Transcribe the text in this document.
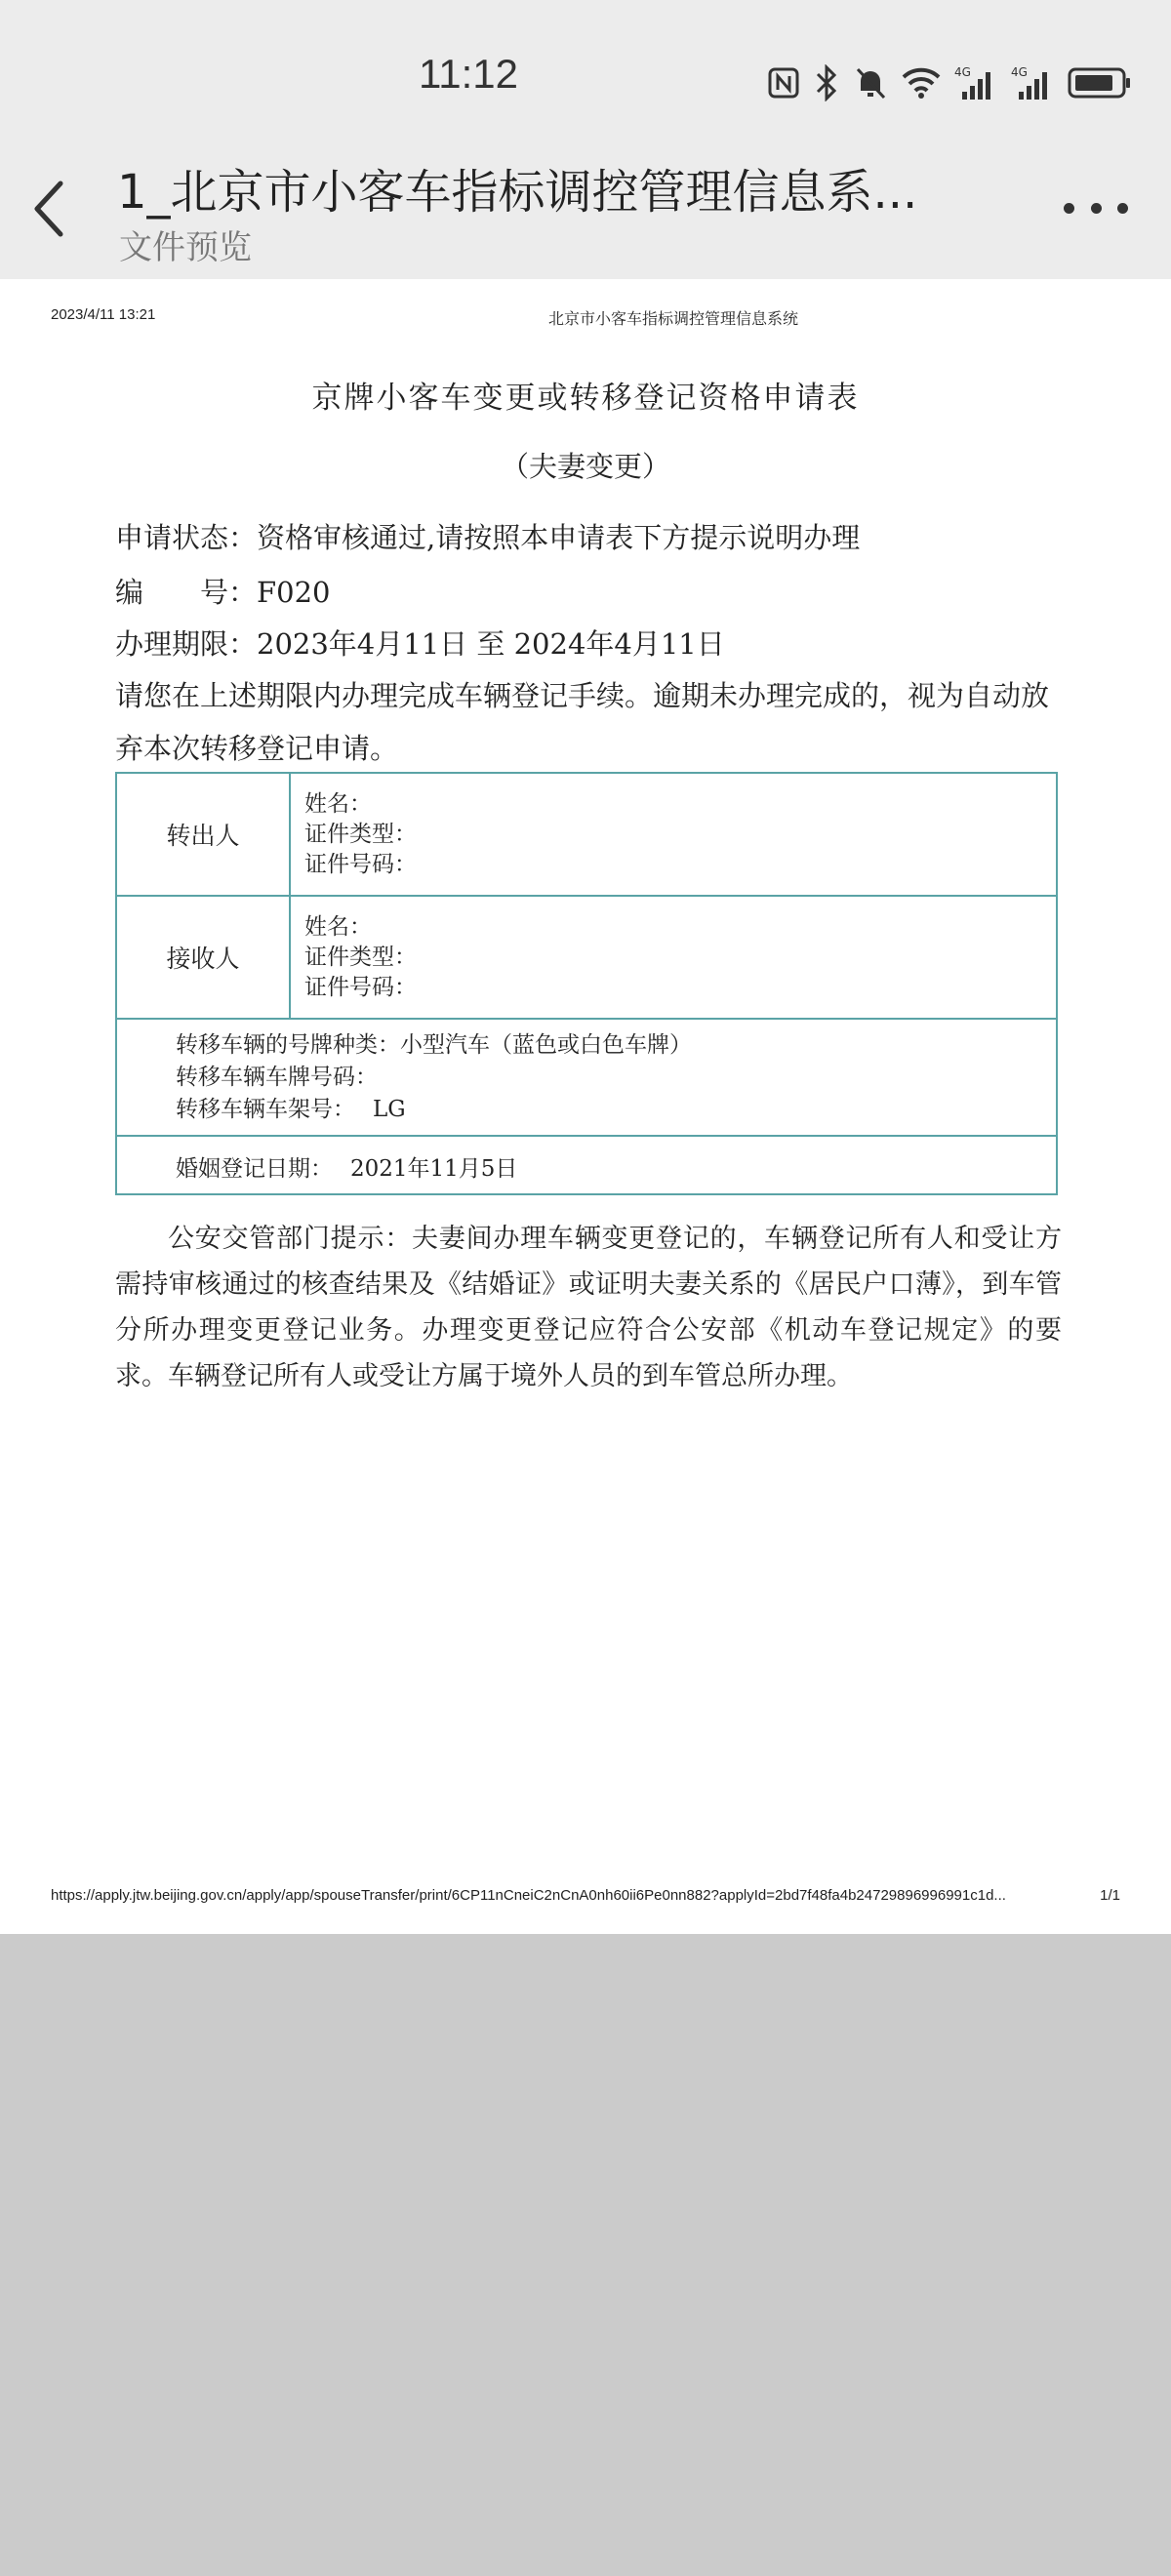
11:12	4G	4G
1_北京市小客车指标调控管理信息系...
文件预览
2023/4/11 13:21	北京市小客车指标调控管理信息系统
京牌小客车变更或转移登记资格申请表
（夫妻变更）
申请状态：资格审核通过,请按照本申请表下方提示说明办理
编　　号：F020
办理期限：2023年4月11日 至 2024年4月11日
请您在上述期限内办理完成车辆登记手续。逾期未办理完成的，视为自动放弃本次转移登记申请。
转出人
姓名：
证件类型：
证件号码：
接收人
姓名：
证件类型：
证件号码：
转移车辆的号牌种类：小型汽车（蓝色或白色车牌）
转移车辆车牌号码：
转移车辆车架号： LG
婚姻登记日期： 2021年11月5日
公安交管部门提示：夫妻间办理车辆变更登记的，车辆登记所有人和受让方需持审核通过的核查结果及《结婚证》或证明夫妻关系的《居民户口薄》，到车管分所办理变更登记业务。办理变更登记应符合公安部《机动车登记规定》的要求。车辆登记所有人或受让方属于境外人员的到车管总所办理。
https://apply.jtw.beijing.gov.cn/apply/app/spouseTransfer/print/6CP11nCneiC2nCnA0nh60ii6Pe0nn882?applyId=2bd7f48fa4b24729896996991c1d...	1/1
